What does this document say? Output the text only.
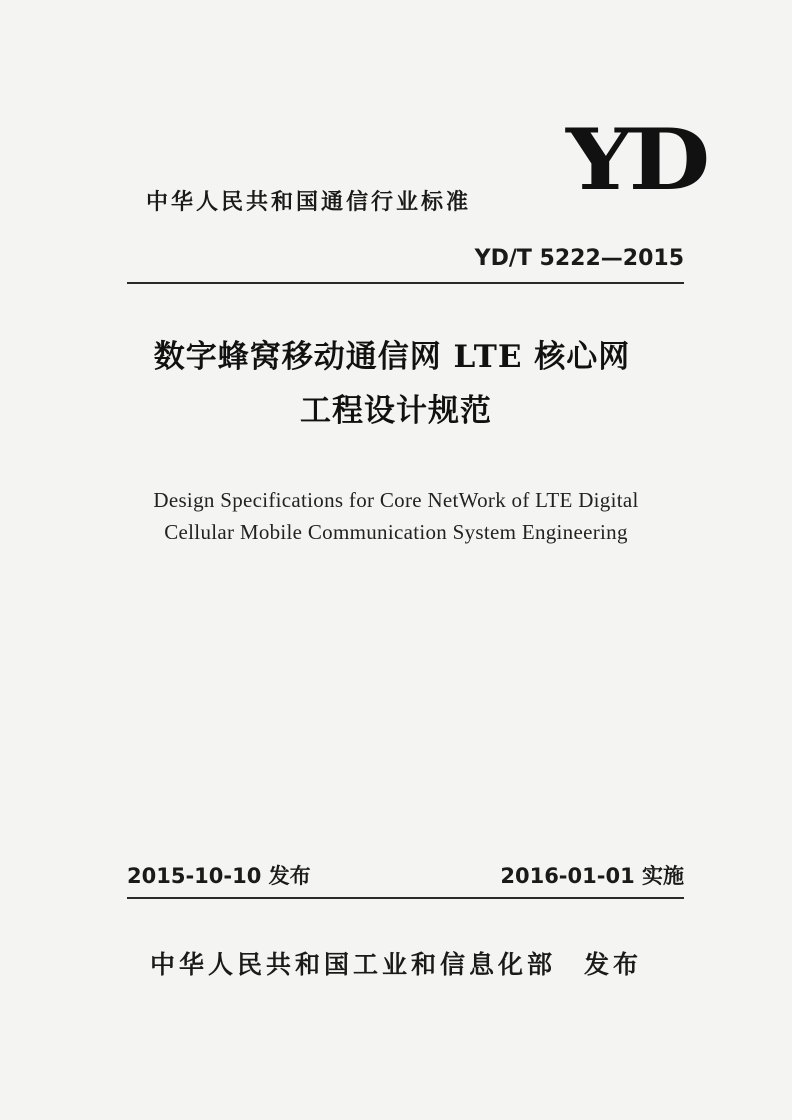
中华人民共和国通信行业标准 YD
YD/T 5222—2015
数字蜂窝移动通信网 LTE 核心网
工程设计规范
Design Specifications for Core NetWork of LTE Digital
Cellular Mobile Communication System Engineering
2015-10-10 发布	2016-01-01 实施
中华人民共和国工业和信息化部 发布
